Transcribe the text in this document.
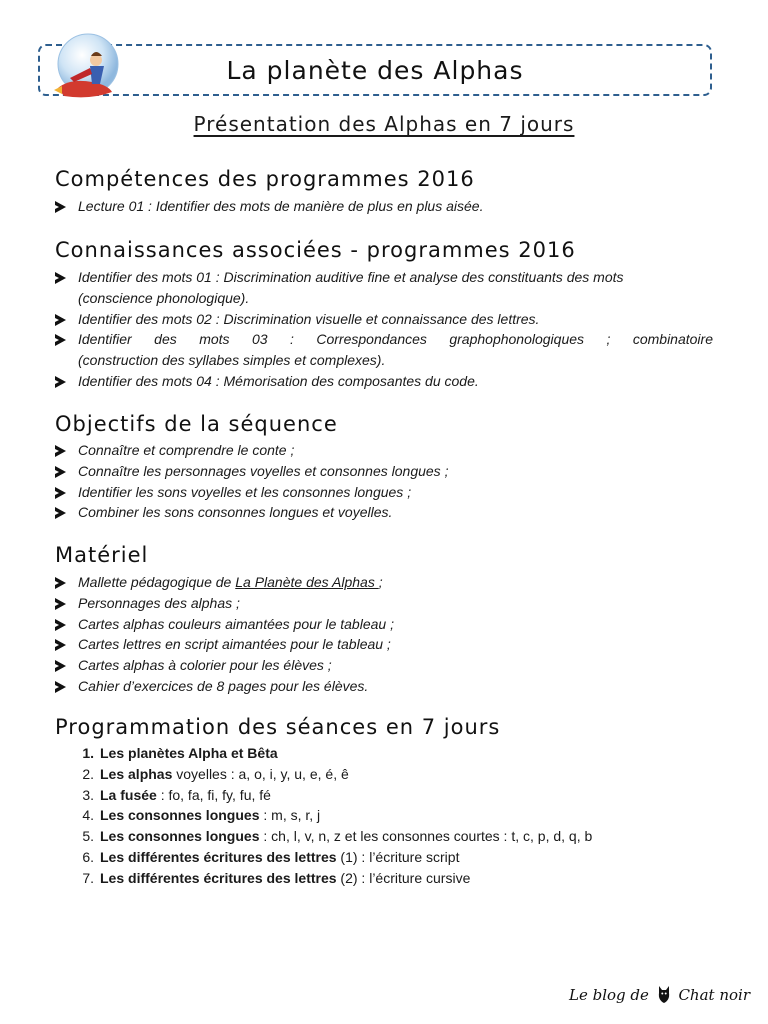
La planète des Alphas
Présentation des Alphas en 7 jours
Compétences des programmes 2016
Lecture 01 : Identifier des mots de manière de plus en plus aisée.
Connaissances associées - programmes 2016
Identifier des mots 01 : Discrimination auditive fine et analyse des constituants des mots
(conscience phonologique).
Identifier des mots 02 : Discrimination visuelle et connaissance des lettres.
Identifier des mots 03 : Correspondances graphophonologiques ; combinatoire
(construction des syllabes simples et complexes).
Identifier des mots 04 : Mémorisation des composantes du code.
Objectifs de la séquence
Connaître et comprendre le conte ;
Connaître les personnages voyelles et consonnes longues ;
Identifier les sons voyelles et les consonnes longues ;
Combiner les sons consonnes longues et voyelles.
Matériel
Mallette pédagogique de La Planète des Alphas ;
Personnages des alphas ;
Cartes alphas couleurs aimantées pour le tableau ;
Cartes lettres en script aimantées pour le tableau ;
Cartes alphas à colorier pour les élèves ;
Cahier d’exercices de 8 pages pour les élèves.
Programmation des séances en 7 jours
1. Les planètes Alpha et Bêta
2. Les alphas voyelles : a, o, i, y, u, e, é, ê
3. La fusée : fo, fa, fi, fy, fu, fé
4. Les consonnes longues : m, s, r, j
5. Les consonnes longues : ch, l, v, n, z et les consonnes courtes : t, c, p, d, q, b
6. Les différentes écritures des lettres (1) : l’écriture script
7. Les différentes écritures des lettres (2) : l’écriture cursive
Le blog de Chat noir
